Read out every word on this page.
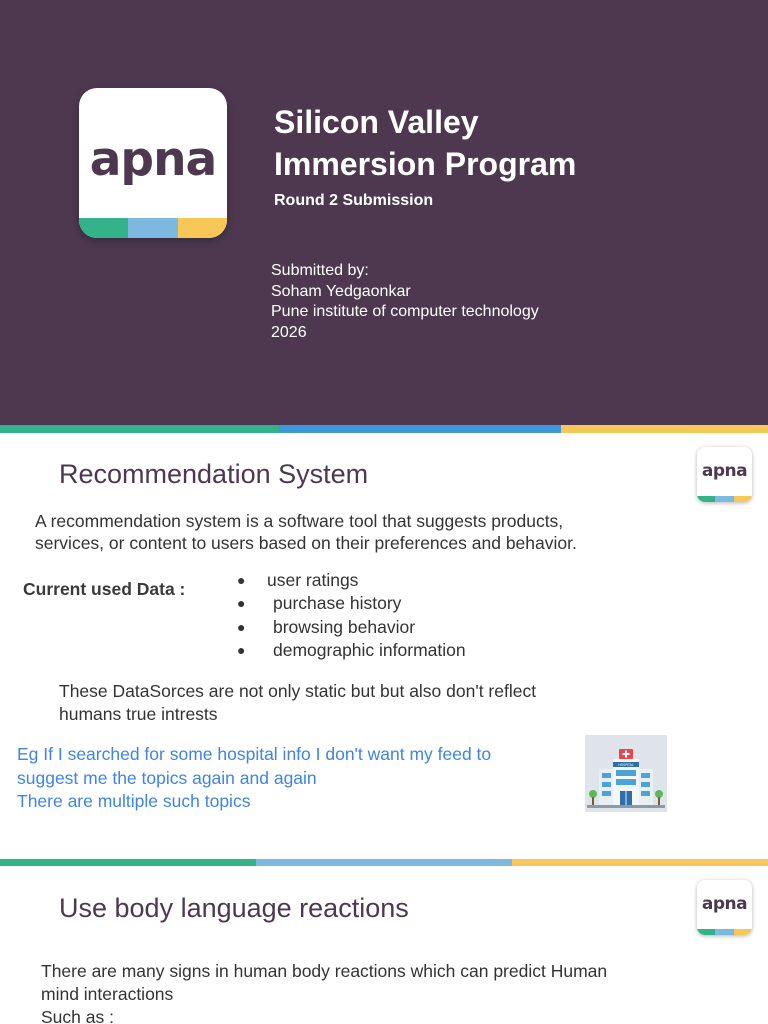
apna
Silicon Valley
Immersion Program
Round 2 Submission
Submitted by:
Soham Yedgaonkar
Pune institute of computer technology
2026
Recommendation System	apna
A recommendation system is a software tool that suggests products,
services, or content to users based on their preferences and behavior.
Current used Data :	●	user ratings
●	purchase history
●	browsing behavior
●	demographic information
These DataSorces are not only static but but also don't reflect
humans true intrests
Eg If I searched for some hospital info I don't want my feed to
suggest me the topics again and again
There are multiple such topics
HOSPITAL
Use body language reactions	apna
There are many signs in human body reactions which can predict Human
mind interactions
Such as :
